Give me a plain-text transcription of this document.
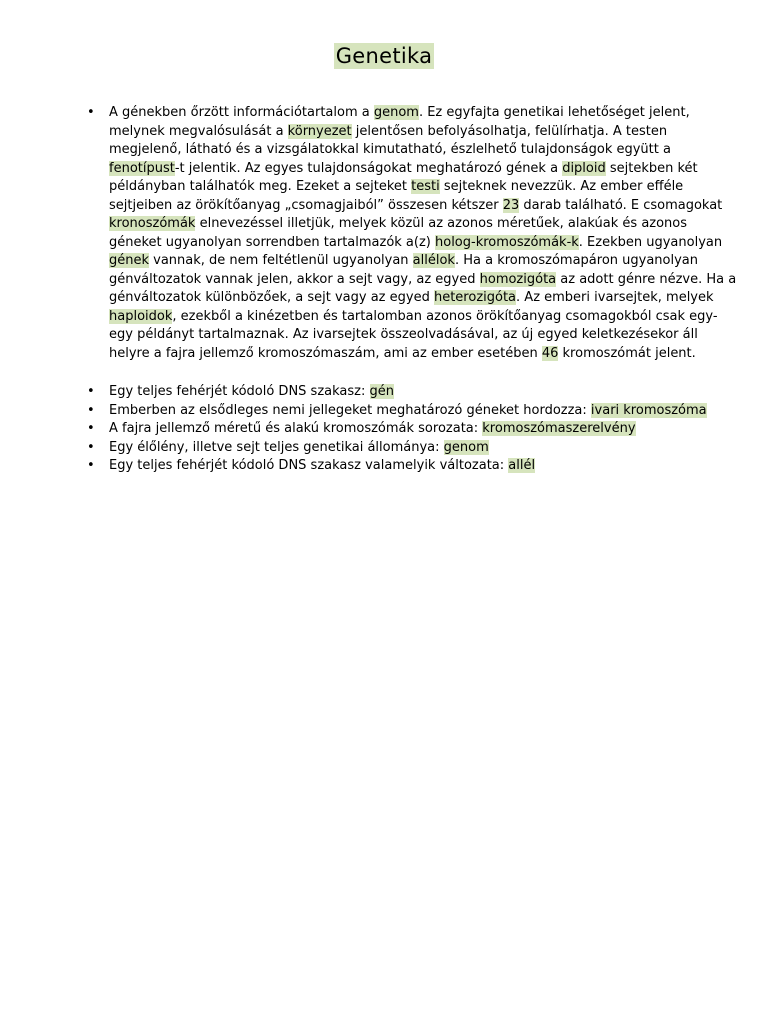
Genetika
• A génekben őrzött információtartalom a genom. Ez egyfajta genetikai lehetőséget jelent,
melynek megvalósulását a környezet jelentősen befolyásolhatja, felülírhatja. A testen
megjelenő, látható és a vizsgálatokkal kimutatható, észlelhető tulajdonságok együtt a
fenotípust-t jelentik. Az egyes tulajdonságokat meghatározó gének a diploid sejtekben két
példányban találhatók meg. Ezeket a sejteket testi sejteknek nevezzük. Az ember efféle
sejtjeiben az örökítőanyag „csomagjaiból” összesen kétszer 23 darab található. E csomagokat
kronoszómák elnevezéssel illetjük, melyek közül az azonos méretűek, alakúak és azonos
géneket ugyanolyan sorrendben tartalmazók a(z) holog-kromoszómák-k. Ezekben ugyanolyan
gének vannak, de nem feltétlenül ugyanolyan allélok. Ha a kromoszómapáron ugyanolyan
génváltozatok vannak jelen, akkor a sejt vagy, az egyed homozigóta az adott génre nézve. Ha a
génváltozatok különbözőek, a sejt vagy az egyed heterozigóta. Az emberi ivarsejtek, melyek
haploidok, ezekből a kinézetben és tartalomban azonos örökítőanyag csomagokból csak egy-
egy példányt tartalmaznak. Az ivarsejtek összeolvadásával, az új egyed keletkezésekor áll
helyre a fajra jellemző kromoszómaszám, ami az ember esetében 46 kromoszómát jelent.
• Egy teljes fehérjét kódoló DNS szakasz: gén
• Emberben az elsődleges nemi jellegeket meghatározó géneket hordozza: ivari kromoszóma
• A fajra jellemző méretű és alakú kromoszómák sorozata: kromoszómaszerelvény
• Egy élőlény, illetve sejt teljes genetikai állománya: genom
• Egy teljes fehérjét kódoló DNS szakasz valamelyik változata: allél
